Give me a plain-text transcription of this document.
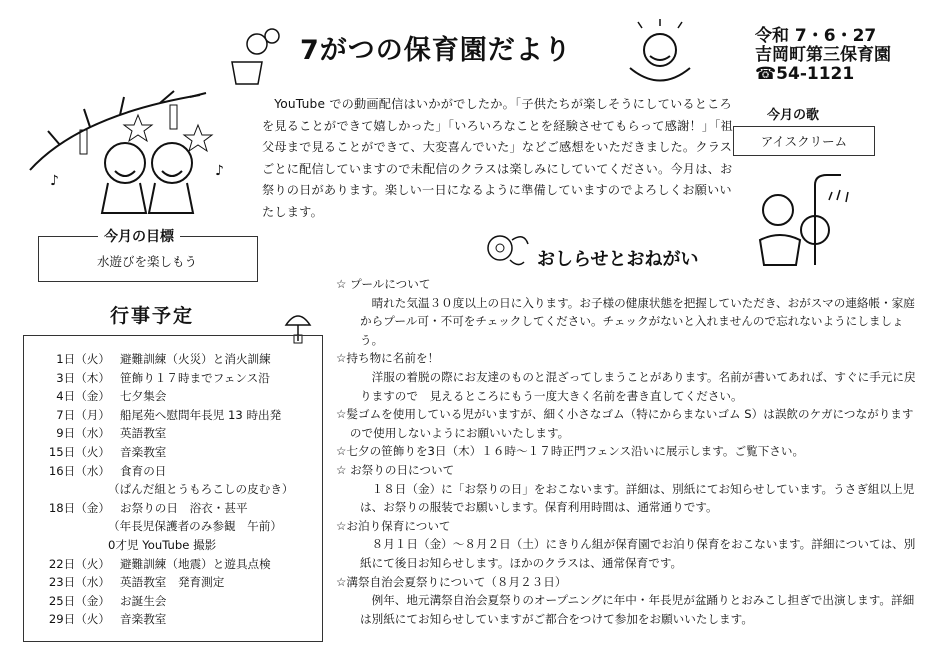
7がつの保育園だより	令和 7・6・27
吉岡町第三保育園
☎54-1121
♪
♪
YouTube での動画配信はいかがでしたか。「子供たちが楽しそうにしているところを見ることができて嬉しかった」「いろいろなことを経験させてもらって感謝！」「祖父母まで見ることができて、大変喜んでいた」などご感想をいただきました。クラスごとに配信していますので未配信のクラスは楽しみにしていてください。今月は、お祭りの日があります。楽しい一日になるように準備していますのでよろしくお願いいたします。
今月の歌
アイスクリーム
今月の目標
水遊びを楽しもう
行事予定
1日（火） 避難訓練（火災）と消火訓練
3日（木） 笹飾り１７時までフェンス沿
4日（金） 七夕集会
7日（月） 船尾苑へ慰問年長児 13 時出発
9日（水） 英語教室
15日（火） 音楽教室
16日（水） 食育の日
（ぱんだ組とうもろこしの皮むき）
18日（金） お祭りの日　浴衣・甚平
（年長児保護者のみ参観　午前）
0才児 YouTube 撮影
22日（火） 避難訓練（地震）と遊具点検
23日（水） 英語教室　発育測定
25日（金） お誕生会
29日（火） 音楽教室
おしらせとおねがい
☆ プールについて
晴れた気温３０度以上の日に入ります。お子様の健康状態を把握していただき、おがスマの連絡帳・家庭からプール可・不可をチェックしてください。チェックがないと入れませんので忘れないようにしましょう。
☆持ち物に名前を！
洋服の着脱の際にお友達のものと混ざってしまうことがあります。名前が書いてあれば、すぐに手元に戻りますので　見えるところにもう一度大きく名前を書き直してください。
☆髪ゴムを使用している児がいますが、細く小さなゴム（特にからまないゴム S）は誤飲のケガにつながりますので使用しないようにお願いいたします。
☆七夕の笹飾りを3日（木）１６時～１７時正門フェンス沿いに展示します。ご覧下さい。
☆ お祭りの日について
１８日（金）に「お祭りの日」をおこないます。詳細は、別紙にてお知らせしています。うさぎ組以上児は、お祭りの服装でお願いします。保育利用時間は、通常通りです。
☆お泊り保育について
８月１日（金）～８月２日（土）にきりん組が保育園でお泊り保育をおこないます。詳細については、別紙にて後日お知らせします。ほかのクラスは、通常保育です。
☆溝祭自治会夏祭りについて（８月２３日）
例年、地元溝祭自治会夏祭りのオープニングに年中・年長児が盆踊りとおみこし担ぎで出演します。詳細は別紙にてお知らせしていますがご都合をつけて参加をお願いいたします。
